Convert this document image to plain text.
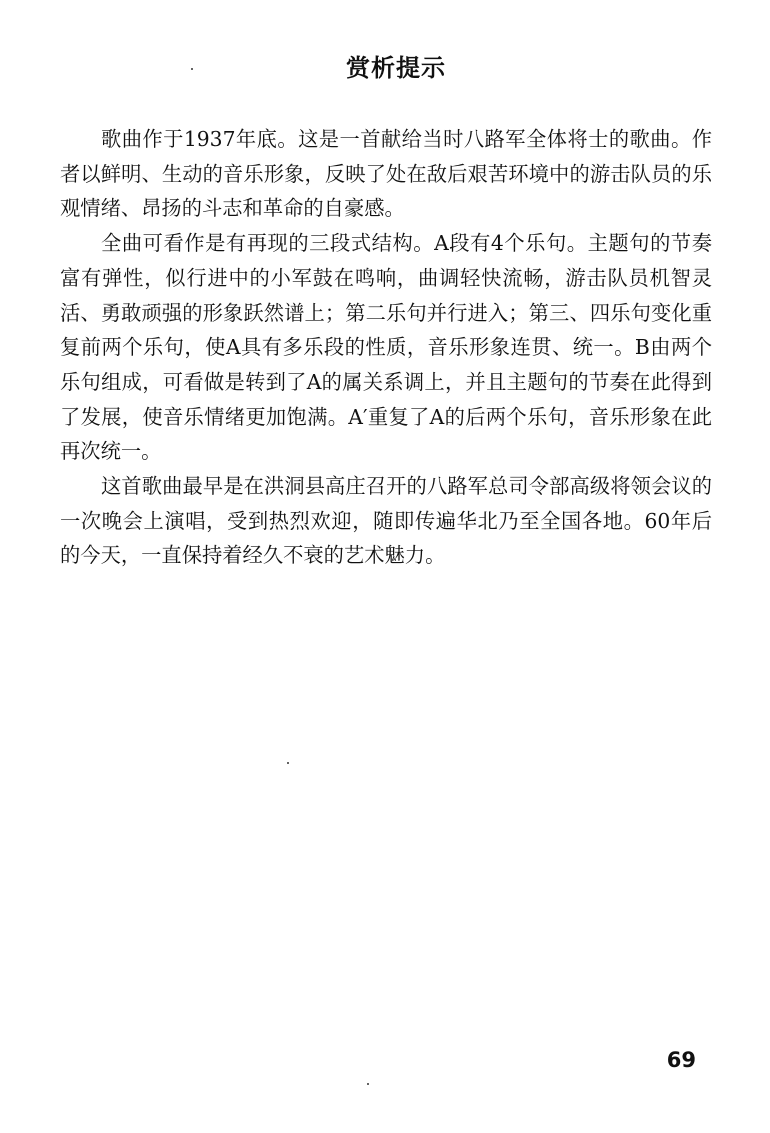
赏析提示

歌曲作于1937年底。这是一首献给当时八路军全体将士的歌曲。作者以鲜明、生动的音乐形象，反映了处在敌后艰苦环境中的游击队员的乐观情绪、昂扬的斗志和革命的自豪感。

全曲可看作是有再现的三段式结构。A段有4个乐句。主题句的节奏富有弹性，似行进中的小军鼓在鸣响，曲调轻快流畅，游击队员机智灵活、勇敢顽强的形象跃然谱上；第二乐句并行进入；第三、四乐句变化重复前两个乐句，使A具有多乐段的性质，音乐形象连贯、统一。B由两个乐句组成，可看做是转到了A的属关系调上，并且主题句的节奏在此得到了发展，使音乐情绪更加饱满。A′重复了A的后两个乐句，音乐形象在此再次统一。

这首歌曲最早是在洪洞县高庄召开的八路军总司令部高级将领会议的一次晚会上演唱，受到热烈欢迎，随即传遍华北乃至全国各地。60年后的今天，一直保持着经久不衰的艺术魅力。

69
